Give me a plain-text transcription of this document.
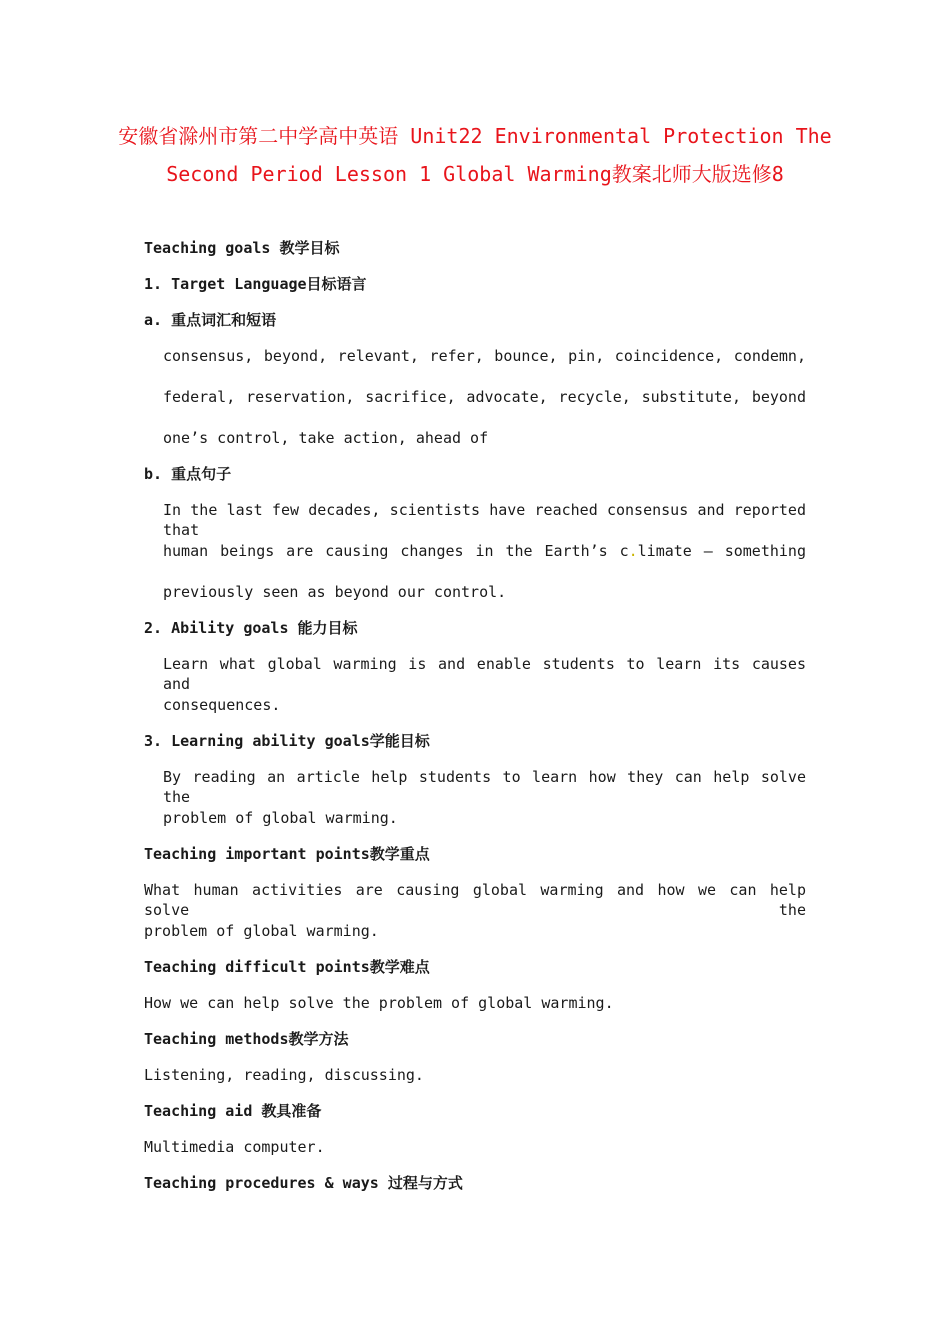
安徽省滁州市第二中学高中英语 Unit22 Environmental Protection The Second Period Lesson 1 Global Warming教案北师大版选修8
Teaching goals 教学目标
1. Target Language目标语言
a. 重点词汇和短语
consensus, beyond, relevant, refer, bounce, pin, coincidence, condemn,
federal, reservation, sacrifice, advocate, recycle, substitute, beyond
one’s control, take action, ahead of
b. 重点句子
In the last few decades, scientists have reached consensus and reported that
human beings are causing changes in the Earth’s c.limate — something
previously seen as beyond our control.
2. Ability goals 能力目标
Learn what global warming is and enable students to learn its causes and
consequences.
3. Learning ability goals学能目标
By reading an article help students to learn how they can help solve the
problem of global warming.
Teaching important points教学重点
What human activities are causing global warming and how we can help solve the
problem of global warming.
Teaching difficult points教学难点
How we can help solve the problem of global warming.
Teaching methods教学方法
Listening, reading, discussing.
Teaching aid 教具准备
Multimedia computer.
Teaching procedures & ways 过程与方式
